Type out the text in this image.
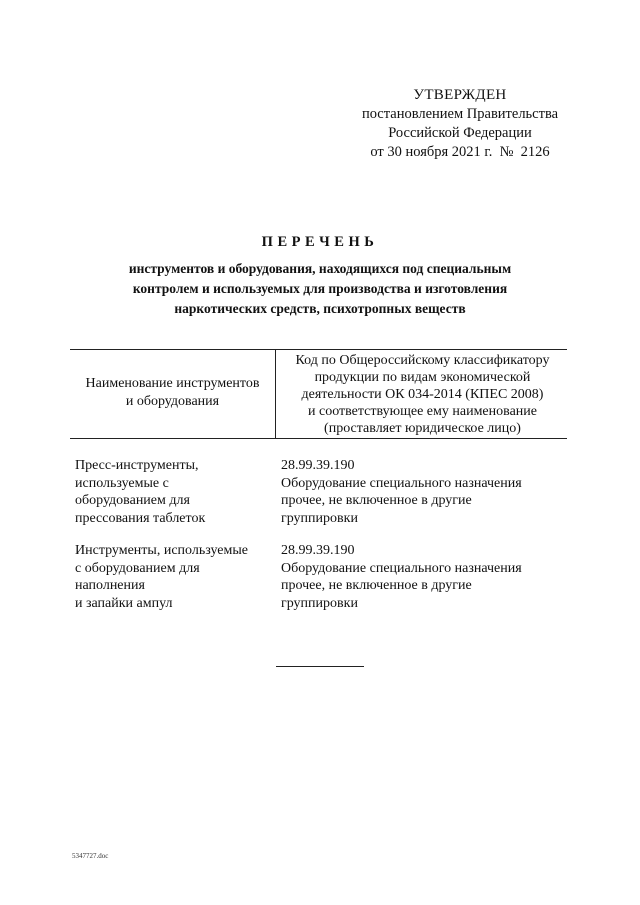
УТВЕРЖДЕН
постановлением Правительства
Российской Федерации
от 30 ноября 2021 г.  №  2126
ПЕРЕЧЕНЬ
инструментов и оборудования, находящихся под специальным
контролем и используемых для производства и изготовления
наркотических средств, психотропных веществ
Наименование инструментов
и оборудования
Код по Общероссийскому классификатору
продукции по видам экономической
деятельности ОК 034-2014 (КПЕС 2008)
и соответствующее ему наименование
(проставляет юридическое лицо)
Пресс-инструменты,
используемые с
оборудованием для
прессования таблеток
28.99.39.190
Оборудование специального назначения
прочее, не включенное в другие
группировки
Инструменты, используемые
с оборудованием для
наполнения
и запайки ампул
28.99.39.190
Оборудование специального назначения
прочее, не включенное в другие
группировки
5347727.doc
